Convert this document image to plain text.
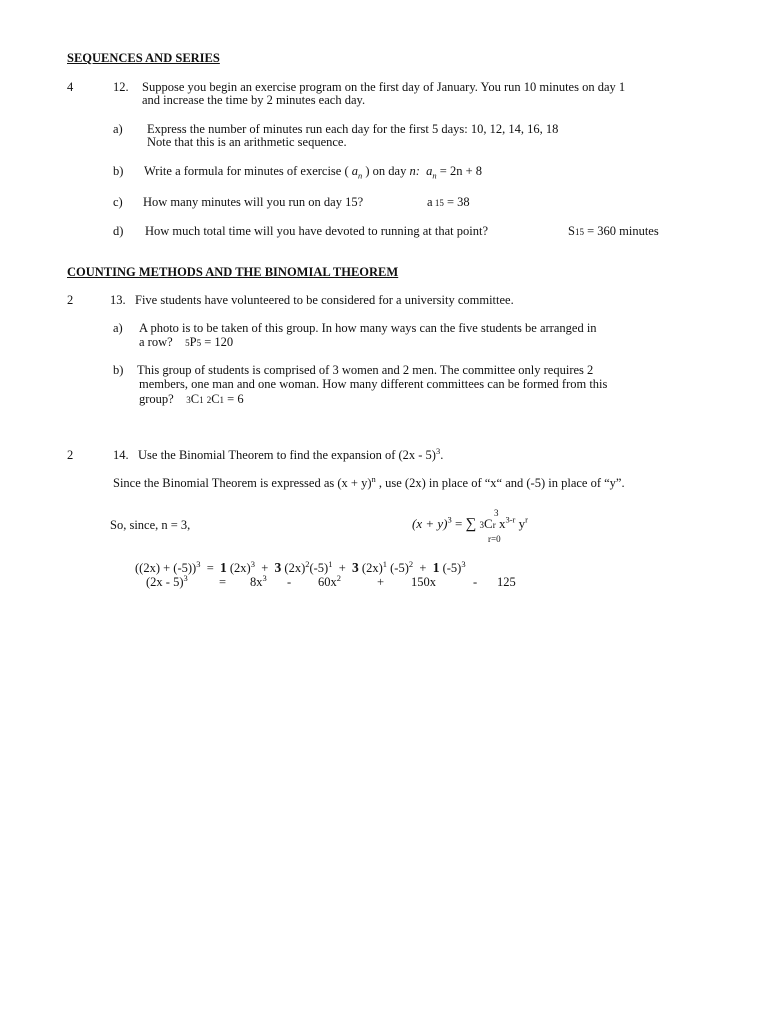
SEQUENCES AND SERIES
4	12. Suppose you begin an exercise program on the first day of January. You run 10 minutes on day 1
and increase the time by 2 minutes each day.
a) Express the number of minutes run each day for the first 5 days: 10, 12, 14, 16, 18
Note that this is an arithmetic sequence.
b) Write a formula for minutes of exercise ( $a_n$ ) on day n: $a_n = 2n + 8$
c) How many minutes will you run on day 15?	a 15 = 38
d) How much total time will you have devoted to running at that point?	S15 = 360 minutes
COUNTING METHODS AND THE BINOMIAL THEOREM
2	13. Five students have volunteered to be considered for a university committee.
a) A photo is to be taken of this group. In how many ways can the five students be arranged in
a row? 5P5 = 120
b) This group of students is comprised of 3 women and 2 men. The committee only requires 2
members, one man and one woman. How many different committees can be formed from this
group? 3C1 2C1 = 6
2	14. Use the Binomial Theorem to find the expansion of (2x - 5)$^3$.
Since the Binomial Theorem is expressed as $(x + y)^n$ , use (2x) in place of “x“ and (-5) in place of “y”.
So, since, n = 3,	$(x + y)^3$ = ∑ 3Cr $x^{3-r}$ $y^r$
3
r=0
$((2x) + (-5))^3 = 1$ $(2x)^3 + 3$ $(2x)^2(-5)^1 + 3$ $(2x)^1$ $(-5)^2 + 1$ $(-5)^3$
(2x - 5)$^3$	= $8x^3 - 60x^2$	+ 150x	- 125
